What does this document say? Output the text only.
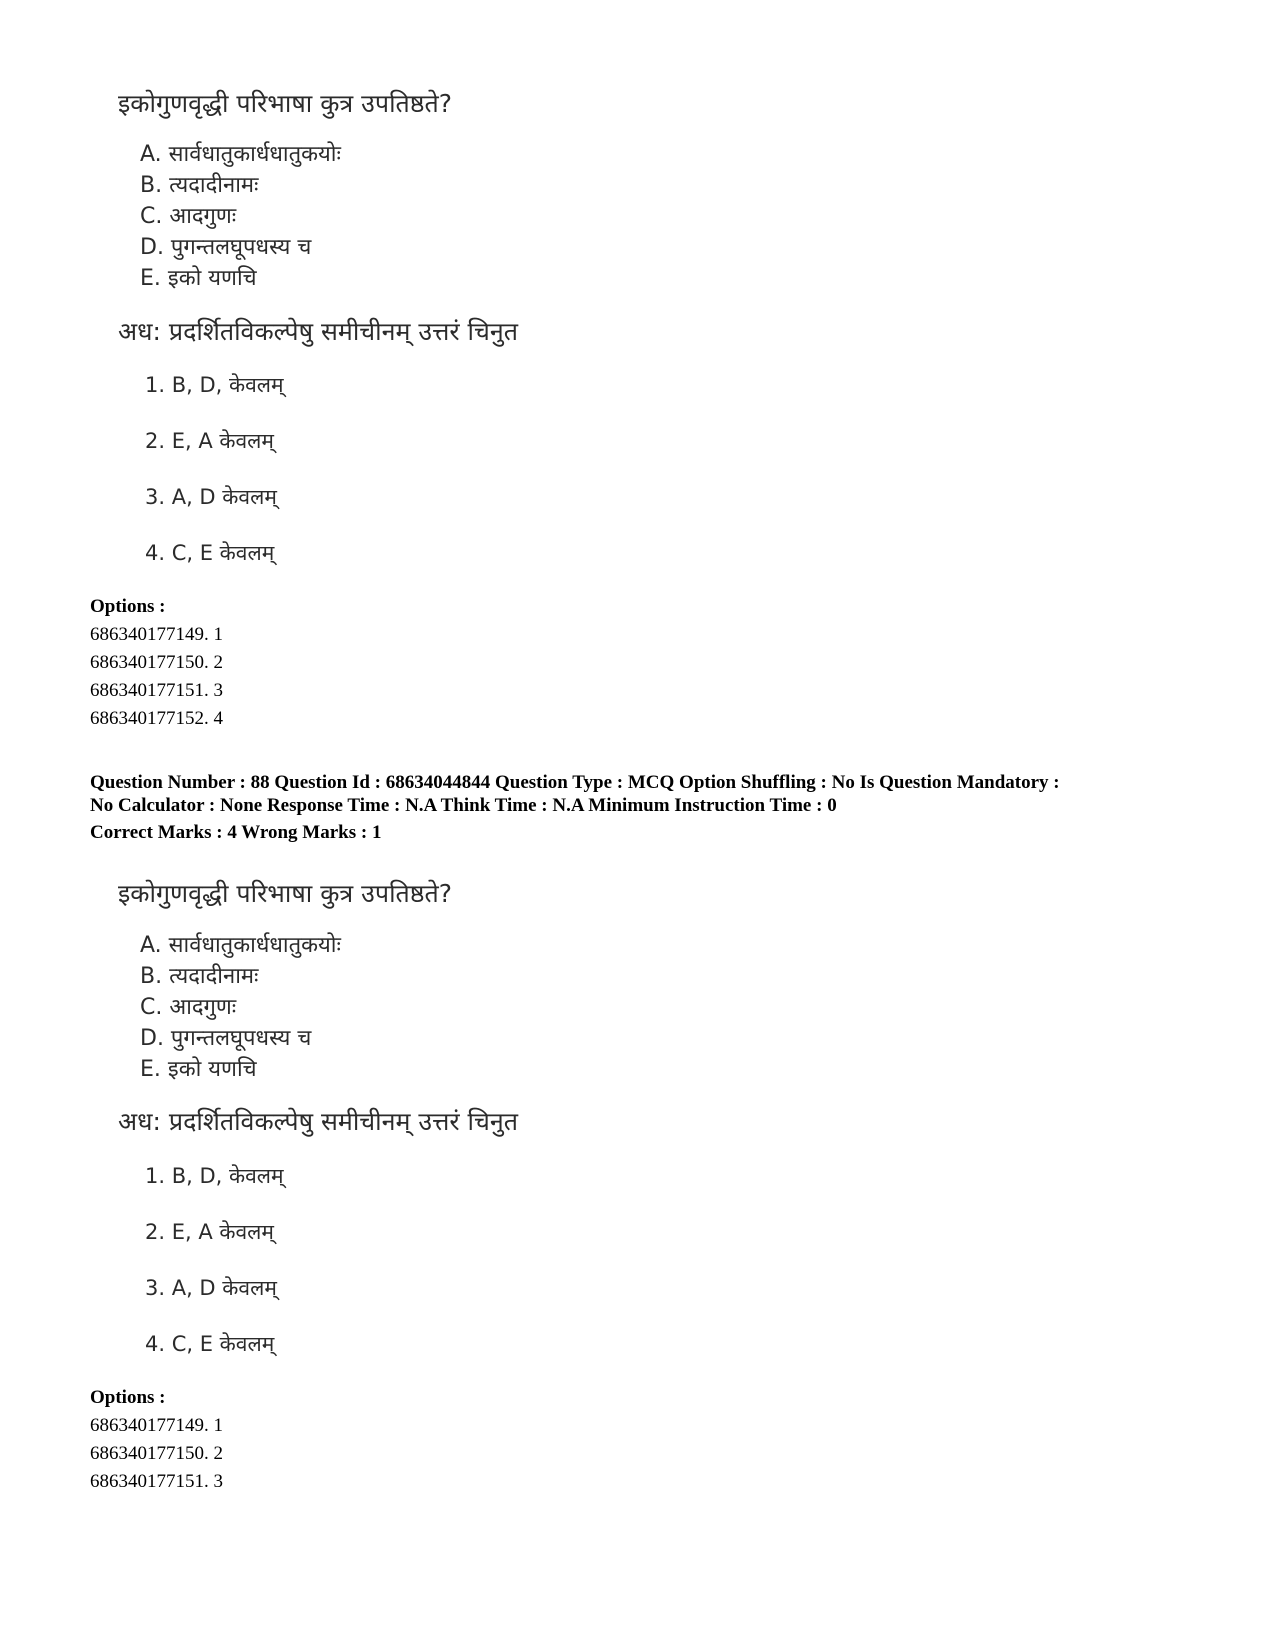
इकोगुणवृद्धी परिभाषा कुत्र उपतिष्ठते?
A. सार्वधातुकार्धधातुकयोः
B. त्यदादीनामः
C. आदगुणः
D. पुगन्तलघूपधस्य च
E. इको यणचि
अध: प्रदर्शितविकल्पेषु समीचीनम् उत्तरं चिनुत
1. B, D, केवलम्
2. E, A केवलम्
3. A, D केवलम्
4. C, E केवलम्
Options :
686340177149. 1
686340177150. 2
686340177151. 3
686340177152. 4
Question Number : 88 Question Id : 68634044844 Question Type : MCQ Option Shuffling : No Is Question Mandatory :
No Calculator : None Response Time : N.A Think Time : N.A Minimum Instruction Time : 0
Correct Marks : 4 Wrong Marks : 1
इकोगुणवृद्धी परिभाषा कुत्र उपतिष्ठते?
A. सार्वधातुकार्धधातुकयोः
B. त्यदादीनामः
C. आदगुणः
D. पुगन्तलघूपधस्य च
E. इको यणचि
अध: प्रदर्शितविकल्पेषु समीचीनम् उत्तरं चिनुत
1. B, D, केवलम्
2. E, A केवलम्
3. A, D केवलम्
4. C, E केवलम्
Options :
686340177149. 1
686340177150. 2
686340177151. 3
